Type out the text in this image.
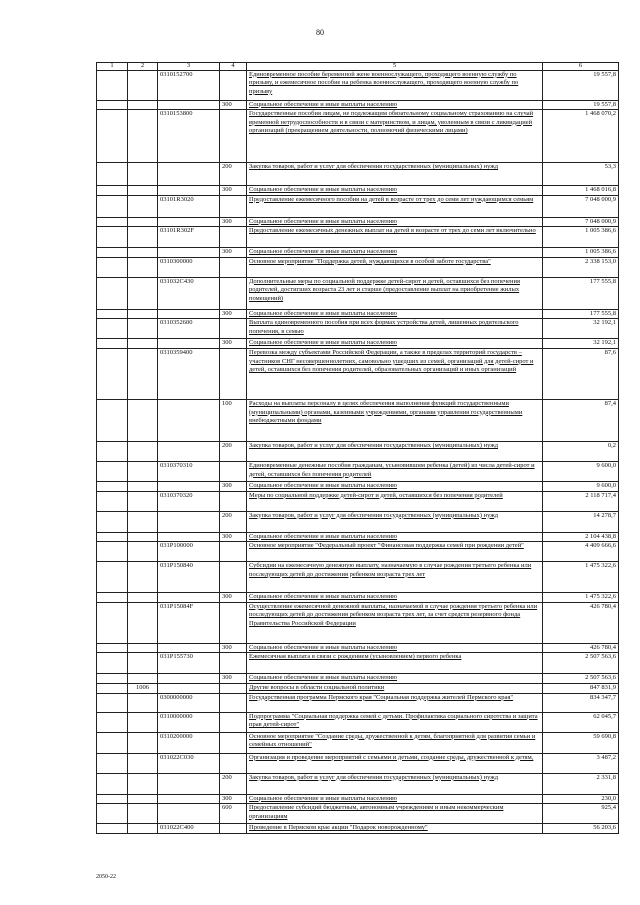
80
1	2	3	4	5	6
		0310152700		Единовременное пособие беременной жене военнослужащего, проходящего военную службу по призыву, и ежемесячное пособие на ребенка военнослужащего, проходящего военную службу по призыву	19 557,8
			300	Социальное обеспечение и иные выплаты населению	19 557,8
		0310153800		Государственные пособия лицам, не подлежащим обязательному социальному страхованию на случай временной нетрудоспособности и в связи с материнством, и лицам, уволенным в связи с ликвидацией организаций (прекращением деятельности, полномочий физическими лицами)	1 468 070,2
			200	Закупка товаров, работ и услуг для обеспечения государственных (муниципальных) нужд	53,3
			300	Социальное обеспечение и иные выплаты населению	1 468 016,8
		03101R3020		Предоставление ежемесячного пособия на детей в возрасте от трех до семи лет нуждающимся семьям	7 048 000,9
			300	Социальное обеспечение и иные выплаты населению	7 048 000,9
		03101R302F		Предоставление ежемесячных денежных выплат на детей в возрасте от трех до семи лет включительно	1 005 386,6
			300	Социальное обеспечение и иные выплаты населению	1 005 386,6
		0310300000		Основное мероприятие "Поддержка детей, нуждающихся в особой заботе государства"	2 338 153,0
		031032С430		Дополнительные меры по социальной поддержке детей-сирот и детей, оставшихся без попечения родителей, достигших возраста 23 лет и старше (предоставление выплат на приобретение жилых помещений)	177 555,8
			300	Социальное обеспечение и иные выплаты населению	177 555,8
		0310352600		Выплата единовременного пособия при всех формах устройства детей, лишенных родительского попечения, в семью	32 192,1
			300	Социальное обеспечение и иные выплаты населению	32 192,1
		0310359400		Перевозка между субъектами Российской Федерации, а также в пределах территорий государств – участников СНГ несовершеннолетних, самовольно ушедших из семей, организаций для детей-сирот и детей, оставшихся без попечения родителей, образовательных организаций и иных организаций	87,6
			100	Расходы на выплаты персоналу в целях обеспечения выполнения функций государственными (муниципальными) органами, казенными учреждениями, органами управления государственными внебюджетными фондами	87,4
			200	Закупка товаров, работ и услуг для обеспечения государственных (муниципальных) нужд	0,2
		0310370310		Единовременные денежные пособия гражданам, усыновившим ребенка (детей) из числа детей-сирот и детей, оставшихся без попечения родителей	9 600,0
			300	Социальное обеспечение и иные выплаты населению	9 600,0
		0310370320		Меры по социальной поддержке детей-сирот и детей, оставшихся без попечения родителей	2 118 717,4
			200	Закупка товаров, работ и услуг для обеспечения государственных (муниципальных) нужд	14 278,7
			300	Социальное обеспечение и иные выплаты населению	2 104 438,8
		031P100000		Основное мероприятие "Федеральный проект "Финансовая поддержка семей при рождении детей"	4 409 666,6
		031P150840		Субсидии на ежемесячную денежную выплату, назначаемую в случае рождения третьего ребенка или последующих детей до достижения ребенком возраста трех лет	1 475 322,6
			300	Социальное обеспечение и иные выплаты населению	1 475 322,6
		031P15084F		Осуществление ежемесячной денежной выплаты, назначаемой в случае рождения третьего ребенка или последующих детей до достижения ребенком возраста трех лет, за счет средств резервного фонда Правительства Российской Федерации	426 780,4
			300	Социальное обеспечение и иные выплаты населению	426 780,4
		031P155730		Ежемесячная выплата в связи с рождением (усыновлением) первого ребенка	2 507 563,6
			300	Социальное обеспечение и иные выплаты населению	2 507 563,6
	1006			Другие вопросы в области социальной политики	847 831,9
		0300000000		Государственная программа Пермского края "Социальная поддержка жителей Пермского края"	834 347,7
		0310000000		Подпрограмма "Социальная поддержка семей с детьми. Профилактика социального сиротства и защита прав детей-сирот"	62 045,7
		0310200000		Основное мероприятие "Создание среды, дружественной к детям, благоприятной для развития семьи и семейных отношений"	59 690,8
		031022С030		Организация и проведение мероприятий с семьями и детьми, создание среды, дружественной к детям,	3 487,2
			200	Закупка товаров, работ и услуг для обеспечения государственных (муниципальных) нужд	2 331,8
			300	Социальное обеспечение и иные выплаты населению	230,0
			600	Предоставление субсидий бюджетным, автономным учреждениям и иным некоммерческим организациям	925,4
		031022С400		Проведение в Пермском крае акции "Подарок новорожденному"	56 203,6
2050-22
